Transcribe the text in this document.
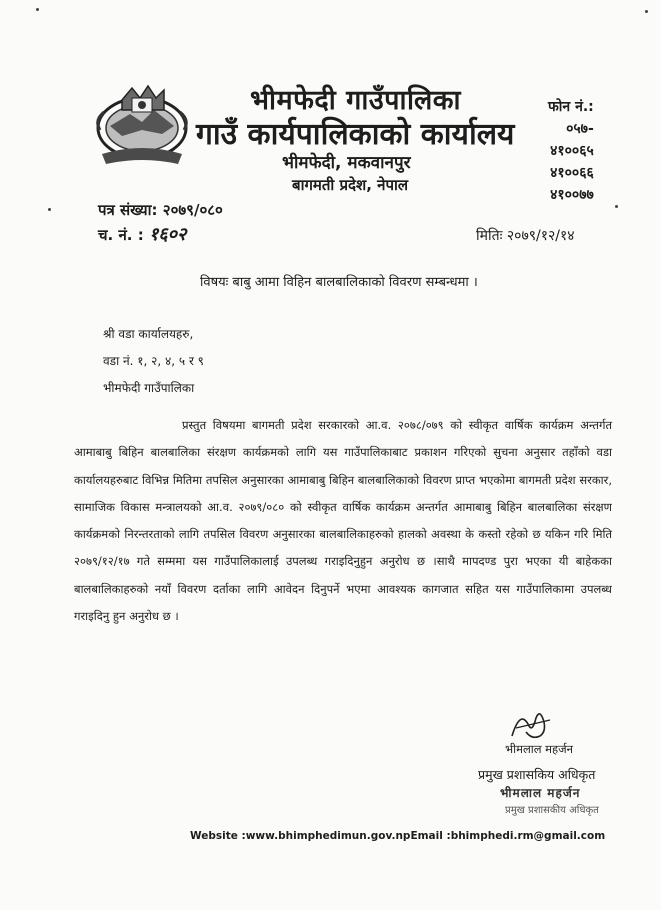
भीमफेदी गाउँपालिका
गाउँ कार्यपालिकाको कार्यालय
भीमफेदी, मकवानपुर
बागमती प्रदेश, नेपाल
फोन नं.:
०५७-
४१००६५
४१००६६
४१००७७
पत्र संख्या: २०७९/०८०
च. नं. : १६०२	मितिः २०७९/१२/१४
विषयः बाबु आमा विहिन बालबालिकाको विवरण सम्बन्धमा ।
श्री वडा कार्यालयहरु,
वडा नं. १, २, ४, ५ र ९
भीमफेदी गाउँपालिका

प्रस्तुत विषयमा बागमती प्रदेश सरकारको आ.व. २०७८/०७९ को स्वीकृत वार्षिक कार्यक्रम अन्तर्गत आमाबाबु बिहिन बालबालिका संरक्षण कार्यक्रमको लागि यस गाउँपालिकाबाट प्रकाशन गरिएको सुचना अनुसार तहाँको वडा कार्यालयहरुबाट विभिन्न मितिमा तपसिल अनुसारका आमाबाबु बिहिन बालबालिकाको विवरण प्राप्त भएकोमा बागमती प्रदेश सरकार, सामाजिक विकास मन्त्रालयको आ.व. २०७९/०८० को स्वीकृत वार्षिक कार्यक्रम अन्तर्गत आमाबाबु बिहिन बालबालिका संरक्षण कार्यक्रमको निरन्तरताको लागि तपसिल विवरण अनुसारका बालबालिकाहरुको हालको अवस्था के कस्तो रहेको छ यकिन गरि मिति २०७९/१२/१७ गते सम्ममा यस गाउँपालिकालाई उपलब्ध गराइदिनुहुन अनुरोध छ ।साथै मापदण्ड पुरा भएका यी बाहेकका बालबालिकाहरुको नयाँ विवरण दर्ताका लागि आवेदन दिनुपर्ने भएमा आवश्यक कागजात सहित यस गाउँपालिकामा उपलब्ध गराइदिनु हुन अनुरोध छ ।

भीमलाल महर्जन
प्रमुख प्रशासकिय अधिकृत
भीमलाल महर्जन
प्रमुख प्रशासकीय अधिकृत
Website :www.bhimphedimun.gov.npEmail :bhimphedi.rm@gmail.com
